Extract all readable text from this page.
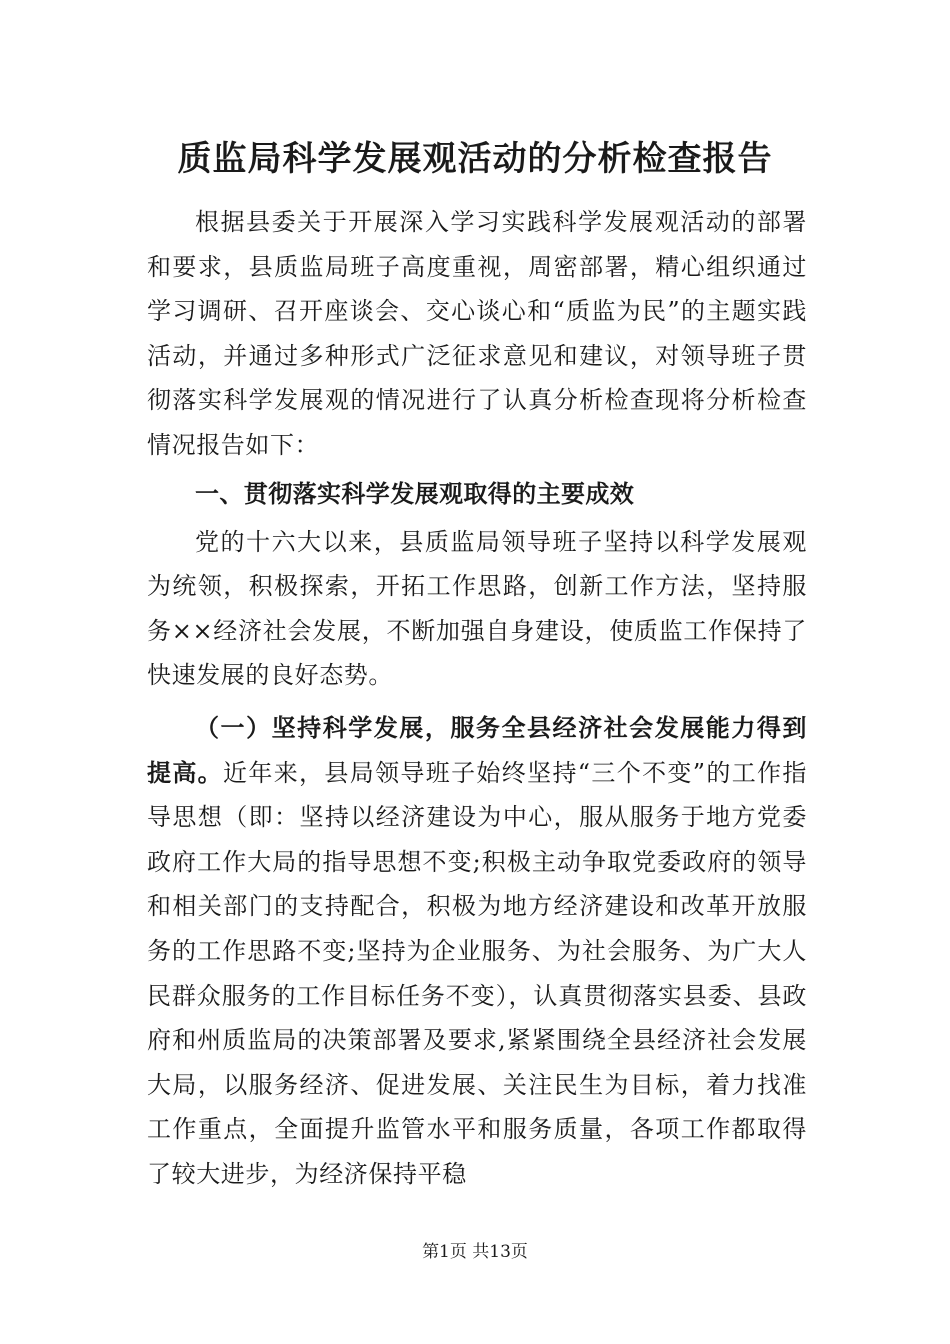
质监局科学发展观活动的分析检查报告

根据县委关于开展深入学习实践科学发展观活动的部署和要求，县质监局班子高度重视，周密部署，精心组织通过学习调研、召开座谈会、交心谈心和“质监为民”的主题实践活动，并通过多种形式广泛征求意见和建议，对领导班子贯彻落实科学发展观的情况进行了认真分析检查现将分析检查情况报告如下：

一、贯彻落实科学发展观取得的主要成效

党的十六大以来，县质监局领导班子坚持以科学发展观为统领，积极探索，开拓工作思路，创新工作方法，坚持服务××经济社会发展，不断加强自身建设，使质监工作保持了快速发展的良好态势。

（一）坚持科学发展，服务全县经济社会发展能力得到提高。近年来，县局领导班子始终坚持“三个不变”的工作指导思想（即：坚持以经济建设为中心，服从服务于地方党委政府工作大局的指导思想不变;积极主动争取党委政府的领导和相关部门的支持配合，积极为地方经济建设和改革开放服务的工作思路不变;坚持为企业服务、为社会服务、为广大人民群众服务的工作目标任务不变），认真贯彻落实县委、县政府和州质监局的决策部署及要求,紧紧围绕全县经济社会发展大局，以服务经济、促进发展、关注民生为目标，着力找准工作重点，全面提升监管水平和服务质量，各项工作都取得了较大进步，为经济保持平稳

第1页 共13页
